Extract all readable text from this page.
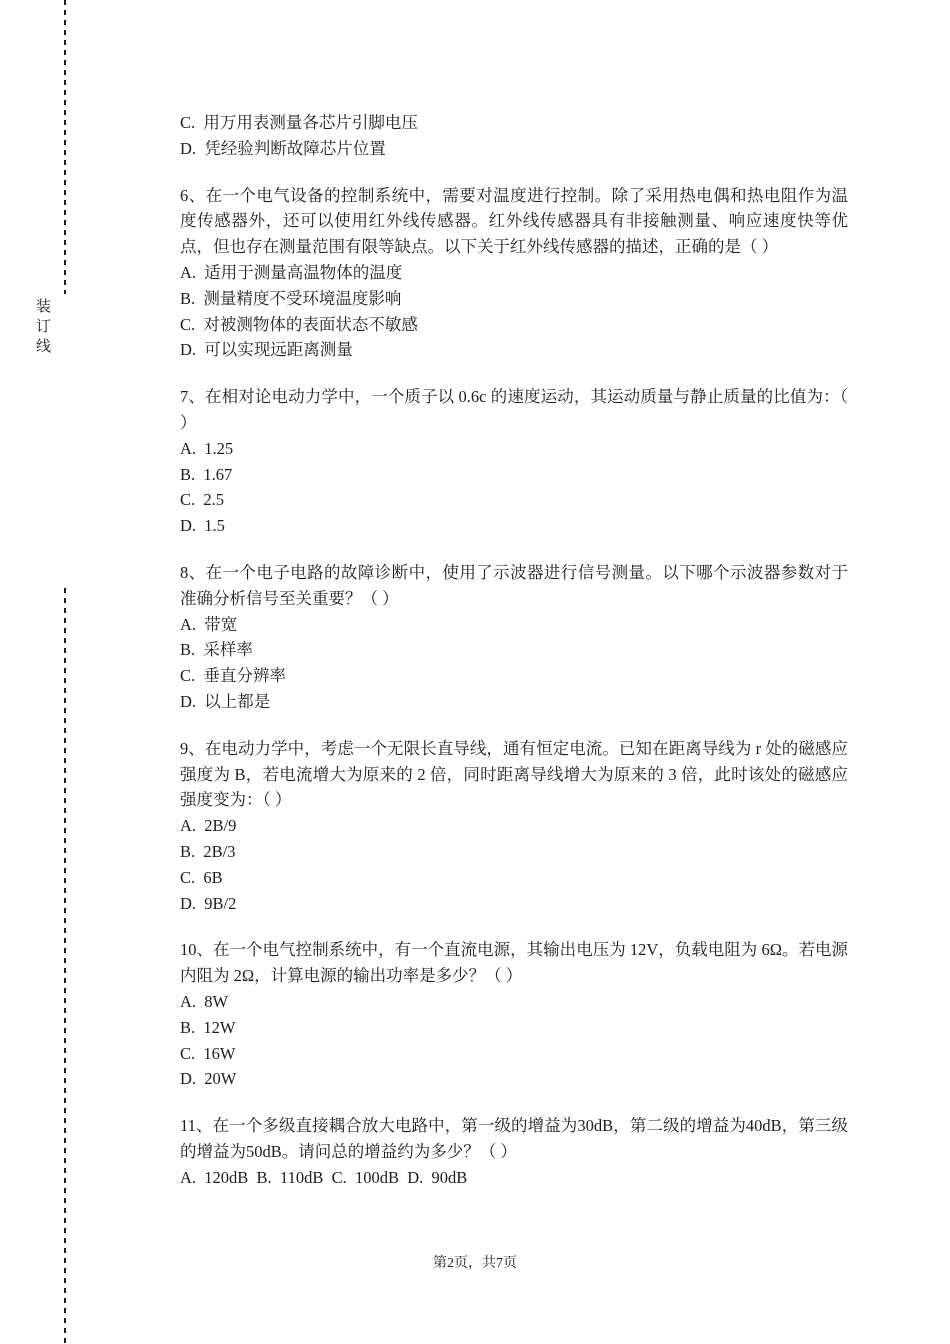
装订线

C.  用万用表测量各芯片引脚电压

D.  凭经验判断故障芯片位置

6、在一个电气设备的控制系统中，需要对温度进行控制。除了采用热电偶和热电阻作为温度传感器外，还可以使用红外线传感器。红外线传感器具有非接触测量、响应速度快等优点，但也存在测量范围有限等缺点。以下关于红外线传感器的描述，正确的是（ ）

A.  适用于测量高温物体的温度

B.  测量精度不受环境温度影响

C.  对被测物体的表面状态不敏感

D.  可以实现远距离测量

7、在相对论电动力学中，一个质子以 0.6c 的速度运动，其运动质量与静止质量的比值为：（ ）

A.  1.25

B.  1.67

C.  2.5

D.  1.5

8、在一个电子电路的故障诊断中，使用了示波器进行信号测量。以下哪个示波器参数对于准确分析信号至关重要？（ ）

A.  带宽

B.  采样率

C.  垂直分辨率

D.  以上都是

9、在电动力学中，考虑一个无限长直导线，通有恒定电流。已知在距离导线为 r 处的磁感应强度为 B，若电流增大为原来的 2 倍，同时距离导线增大为原来的 3 倍，此时该处的磁感应强度变为：（ ）

A.  2B/9

B.  2B/3

C.  6B

D.  9B/2

10、在一个电气控制系统中，有一个直流电源，其输出电压为 12V，负载电阻为 6Ω。若电源内阻为 2Ω，计算电源的输出功率是多少？（ ）

A.  8W

B.  12W

C.  16W

D.  20W

11、在一个多级直接耦合放大电路中，第一级的增益为30dB，第二级的增益为40dB，第三级的增益为50dB。请问总的增益约为多少？（ ）

A.  120dB  B.  110dB  C.  100dB  D.  90dB

第2页，共7页
